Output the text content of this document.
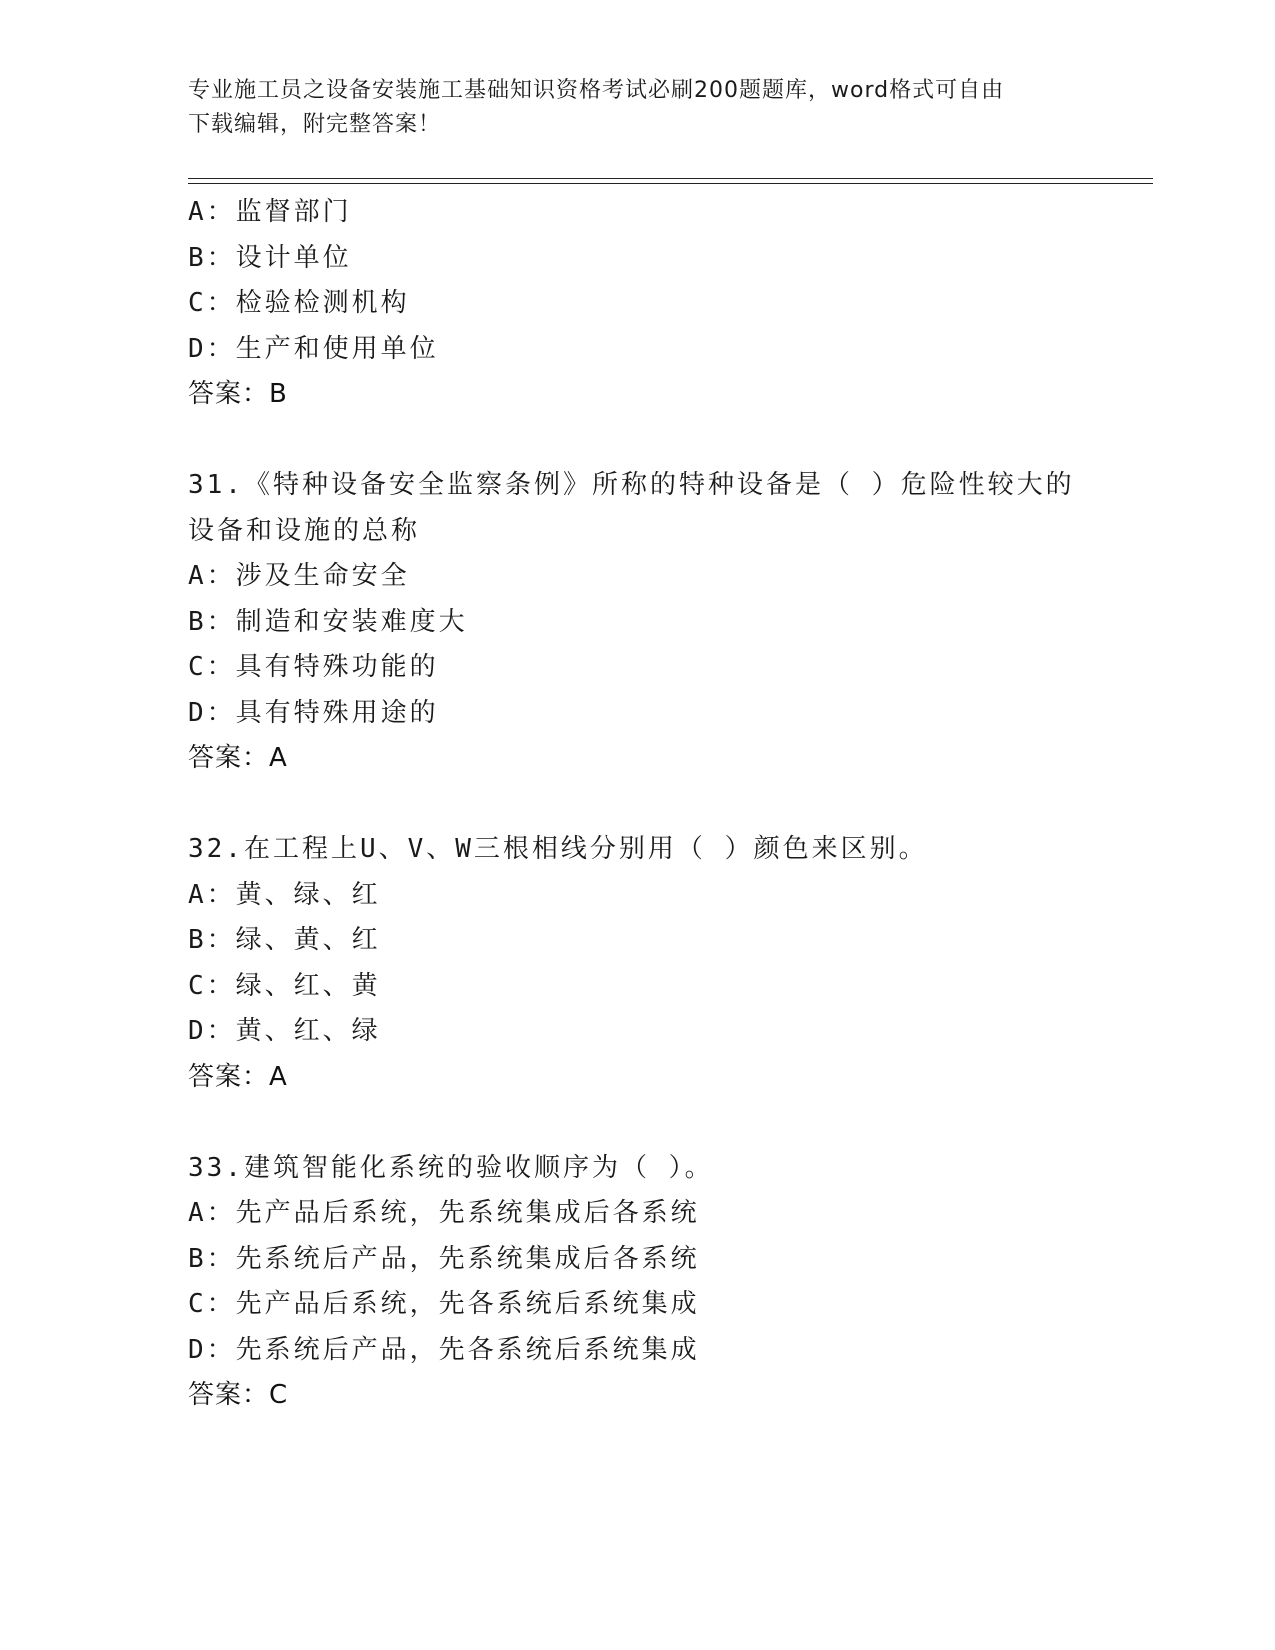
专业施工员之设备安装施工基础知识资格考试必刷200题题库，word格式可自由
下载编辑，附完整答案！
A：监督部门
B：设计单位
C：检验检测机构
D：生产和使用单位
答案：B
31.《特种设备安全监察条例》所称的特种设备是（ ）危险性较大的
设备和设施的总称
A：涉及生命安全
B：制造和安装难度大
C：具有特殊功能的
D：具有特殊用途的
答案：A
32.在工程上U、V、W三根相线分别用（ ）颜色来区别。
A：黄、绿、红
B：绿、黄、红
C：绿、红、黄
D：黄、红、绿
答案：A
33.建筑智能化系统的验收顺序为（ ）。
A：先产品后系统，先系统集成后各系统
B：先系统后产品，先系统集成后各系统
C：先产品后系统，先各系统后系统集成
D：先系统后产品，先各系统后系统集成
答案：C
